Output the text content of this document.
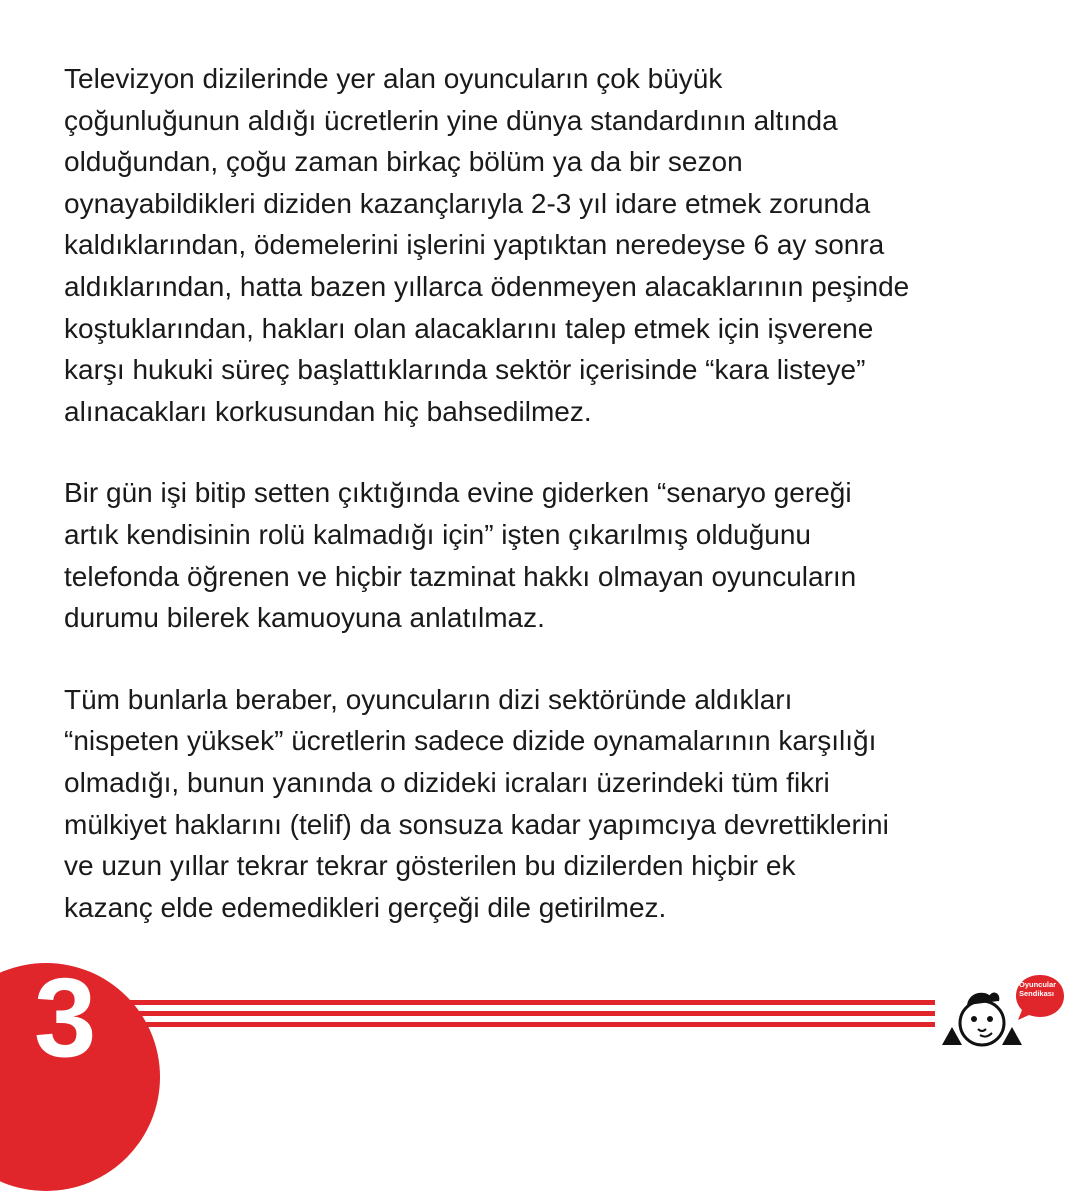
Televizyon dizilerinde yer alan oyuncuların çok büyük
çoğunluğunun aldığı ücretlerin yine dünya standardının altında
olduğundan, çoğu zaman birkaç bölüm ya da bir sezon
oynayabildikleri diziden kazançlarıyla 2-3 yıl idare etmek zorunda
kaldıklarından, ödemelerini işlerini yaptıktan neredeyse 6 ay sonra
aldıklarından, hatta bazen yıllarca ödenmeyen alacaklarının peşinde
koştuklarından, hakları olan alacaklarını talep etmek için işverene
karşı hukuki süreç başlattıklarında sektör içerisinde “kara listeye”
alınacakları korkusundan hiç bahsedilmez.

Bir gün işi bitip setten çıktığında evine giderken “senaryo gereği
artık kendisinin rolü kalmadığı için” işten çıkarılmış olduğunu
telefonda öğrenen ve hiçbir tazminat hakkı olmayan oyuncuların
durumu bilerek kamuoyuna anlatılmaz.

Tüm bunlarla beraber, oyuncuların dizi sektöründe aldıkları
“nispeten yüksek” ücretlerin sadece dizide oynamalarının karşılığı
olmadığı, bunun yanında o dizideki icraları üzerindeki tüm fikri
mülkiyet haklarını (telif) da sonsuza kadar yapımcıya devrettiklerini
ve uzun yıllar tekrar tekrar gösterilen bu dizilerden hiçbir ek
kazanç elde edemedikleri gerçeği dile getirilmez.

3	Oyuncular
Sendikası
